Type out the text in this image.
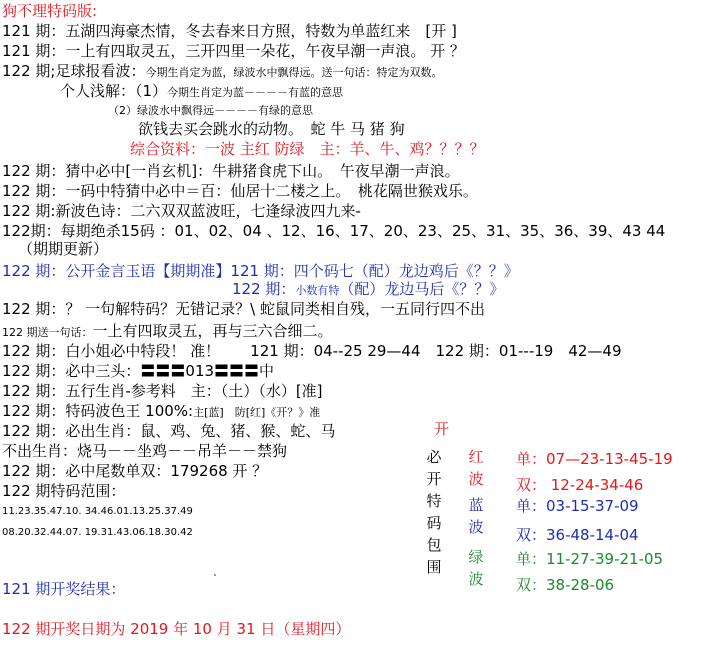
狗不理特码版:
121 期：五湖四海豪杰情，冬去春来日方照，特数为单蓝红来　[开 ]
121 期：一上有四取灵五，三开四里一朵花，午夜早潮一声浪。 开 ？
122 期;足球报看波：今期生肖定为蓝，绿波水中飘得远。送一句话：特定为双数。
个人浅解：（1）今期生肖定为蓝－－－－有蓝的意思
（2）绿波水中飘得远－－－－有绿的意思
欲钱去买会跳水的动物。　蛇 牛 马 猪 狗
综合资料：一波 主红 防绿　主：羊、牛、鸡？？？？
122 期：猜中必中[一肖玄机]：牛耕猪食虎下山。　午夜早潮一声浪。
122 期：一码中特猜中必中＝百：仙居十二楼之上。　桃花隔世猴戏乐。
122 期:新波色诗：二六双双蓝波旺，七逢绿波四九来-
122期：每期绝杀15码 ：01、02、04 、12、16、17、20、23、25、31、35、36、39、43 44
（期期更新）
122 期：公开金言玉语【期期准】121 期：四个码七（配）龙边鸡后《？？》
122 期：小数有特（配）龙边马后《？？》
122 期：？ 一句解特码？无错记录？\ 蛇鼠同类相自残，一五同行四不出
122 期送一句话：一上有四取灵五，再与三六合细二。
122 期：白小姐必中特段！ 准！　　121 期：04--25 29—44　122 期：01---19　42—49
122 期：必中三头：〓〓〓013〓〓〓中
122 期：五行生肖-参考料　主：（土）（水）[准]
122 期：特码波色王 100%:主[蓝]　防[红]《开？》准
122 期：必出生肖：鼠、鸡、兔、猪、猴、蛇、马
不出生肖：烧马－－坐鸡－－吊羊－－禁狗
122 期：必中尾数单双：179268 开 ？
122 期特码范围：
11.23.35.47.10. 34.46.01.13.25.37.49
08.20.32.44.07. 19.31.43.06.18.30.42
121 期开奖结果：
122 期开奖日期为 2019 年 10 月 31 日（星期四）
开
必开特码包围
红波
蓝波
绿波
单：07—23-13-45-19
双： 12-24-34-46
单：03-15-37-09
双：36-48-14-04
单：11-27-39-21-05
双：38-28-06
